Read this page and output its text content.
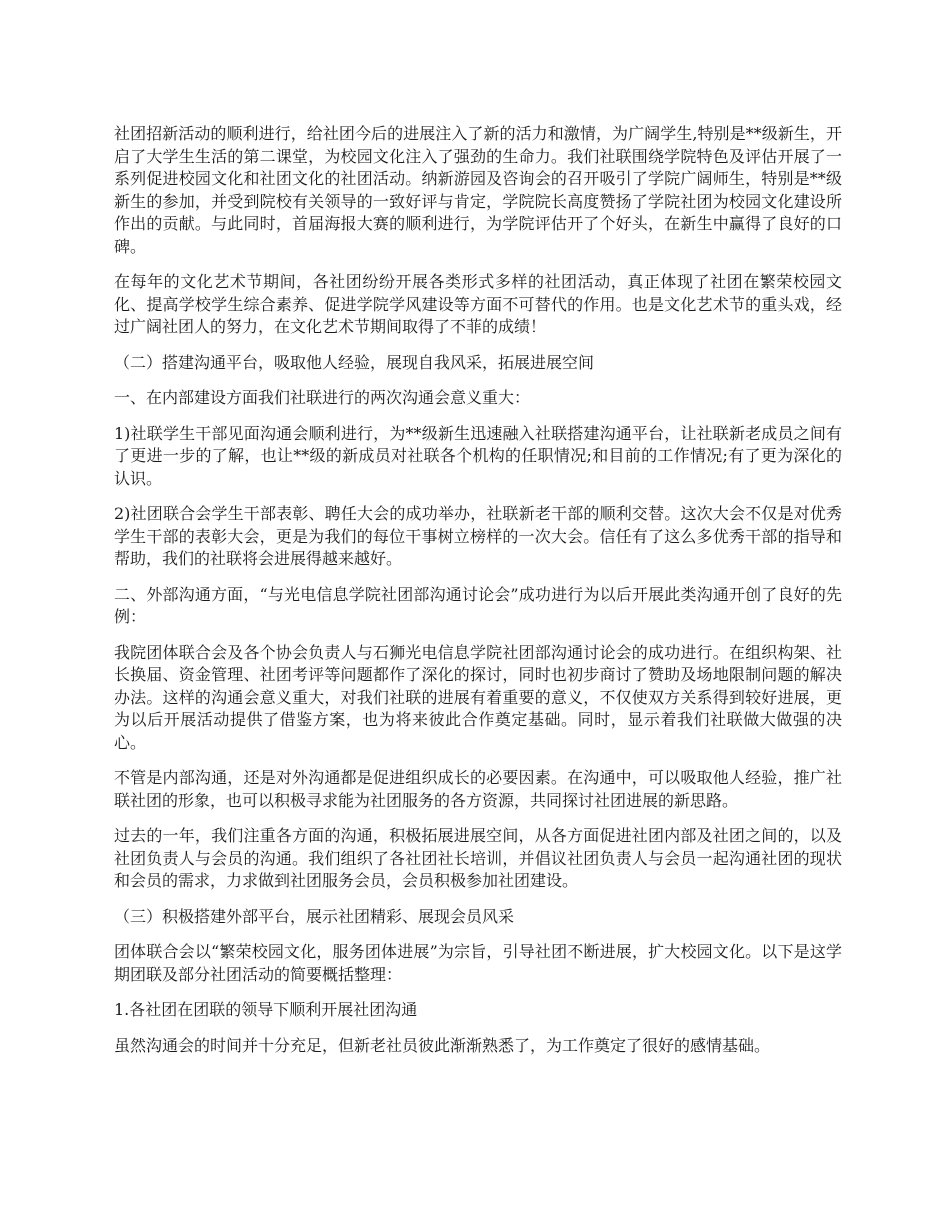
社团招新活动的顺利进行，给社团今后的进展注入了新的活力和激情，为广阔学生,特别是**级新生，开启了大学生生活的第二课堂，为校园文化注入了强劲的生命力。我们社联围绕学院特色及评估开展了一系列促进校园文化和社团文化的社团活动。纳新游园及咨询会的召开吸引了学院广阔师生，特别是**级新生的参加，并受到院校有关领导的一致好评与肯定，学院院长高度赞扬了学院社团为校园文化建设所作出的贡献。与此同时，首届海报大赛的顺利进行，为学院评估开了个好头，在新生中赢得了良好的口碑。

在每年的文化艺术节期间，各社团纷纷开展各类形式多样的社团活动，真正体现了社团在繁荣校园文化、提高学校学生综合素养、促进学院学风建设等方面不可替代的作用。也是文化艺术节的重头戏，经过广阔社团人的努力，在文化艺术节期间取得了不菲的成绩！

（二）搭建沟通平台，吸取他人经验，展现自我风采，拓展进展空间

一、在内部建设方面我们社联进行的两次沟通会意义重大：

1)社联学生干部见面沟通会顺利进行，为**级新生迅速融入社联搭建沟通平台，让社联新老成员之间有了更进一步的了解，也让**级的新成员对社联各个机构的任职情况;和目前的工作情况;有了更为深化的认识。

2)社团联合会学生干部表彰、聘任大会的成功举办，社联新老干部的顺利交替。这次大会不仅是对优秀学生干部的表彰大会，更是为我们的每位干事树立榜样的一次大会。信任有了这么多优秀干部的指导和帮助，我们的社联将会进展得越来越好。

二、外部沟通方面，“与光电信息学院社团部沟通讨论会”成功进行为以后开展此类沟通开创了良好的先例：

我院团体联合会及各个协会负责人与石狮光电信息学院社团部沟通讨论会的成功进行。在组织构架、社长换届、资金管理、社团考评等问题都作了深化的探讨，同时也初步商讨了赞助及场地限制问题的解决办法。这样的沟通会意义重大，对我们社联的进展有着重要的意义，不仅使双方关系得到较好进展，更为以后开展活动提供了借鉴方案，也为将来彼此合作奠定基础。同时，显示着我们社联做大做强的决心。

不管是内部沟通，还是对外沟通都是促进组织成长的必要因素。在沟通中，可以吸取他人经验，推广社联社团的形象，也可以积极寻求能为社团服务的各方资源，共同探讨社团进展的新思路。

过去的一年，我们注重各方面的沟通，积极拓展进展空间，从各方面促进社团内部及社团之间的，以及社团负责人与会员的沟通。我们组织了各社团社长培训，并倡议社团负责人与会员一起沟通社团的现状和会员的需求，力求做到社团服务会员，会员积极参加社团建设。

（三）积极搭建外部平台，展示社团精彩、展现会员风采

团体联合会以“繁荣校园文化，服务团体进展”为宗旨，引导社团不断进展，扩大校园文化。以下是这学期团联及部分社团活动的简要概括整理：

1.各社团在团联的领导下顺利开展社团沟通

虽然沟通会的时间并十分充足，但新老社员彼此渐渐熟悉了，为工作奠定了很好的感情基础。
